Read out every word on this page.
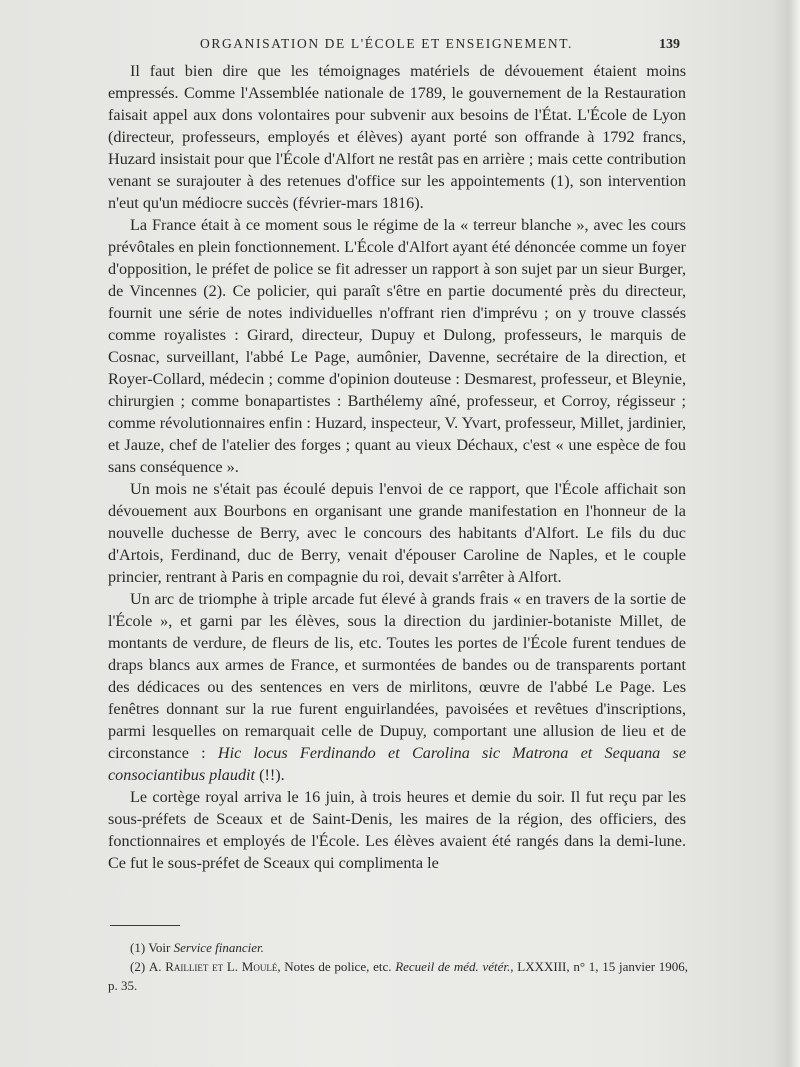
ORGANISATION DE L'ÉCOLE ET ENSEIGNEMENT.	139

Il faut bien dire que les témoignages matériels de dévouement étaient moins empressés. Comme l'Assemblée nationale de 1789, le gouvernement de la Restauration faisait appel aux dons volontaires pour subvenir aux besoins de l'État. L'École de Lyon (directeur, professeurs, employés et élèves) ayant porté son offrande à 1792 francs, Huzard insistait pour que l'École d'Alfort ne restât pas en arrière ; mais cette contribution venant se surajouter à des retenues d'office sur les appointements (1), son intervention n'eut qu'un médiocre succès (février-mars 1816).

La France était à ce moment sous le régime de la « terreur blanche », avec les cours prévôtales en plein fonctionnement. L'École d'Alfort ayant été dénoncée comme un foyer d'opposition, le préfet de police se fit adresser un rapport à son sujet par un sieur Burger, de Vincennes (2). Ce policier, qui paraît s'être en partie documenté près du directeur, fournit une série de notes individuelles n'offrant rien d'imprévu ; on y trouve classés comme royalistes : Girard, directeur, Dupuy et Dulong, professeurs, le marquis de Cosnac, surveillant, l'abbé Le Page, aumônier, Davenne, secrétaire de la direction, et Royer-Collard, médecin ; comme d'opinion douteuse : Desmarest, professeur, et Bleynie, chirurgien ; comme bonapartistes : Barthélemy aîné, professeur, et Corroy, régisseur ; comme révolutionnaires enfin : Huzard, inspecteur, V. Yvart, professeur, Millet, jardinier, et Jauze, chef de l'atelier des forges ; quant au vieux Déchaux, c'est « une espèce de fou sans conséquence ».

Un mois ne s'était pas écoulé depuis l'envoi de ce rapport, que l'École affichait son dévouement aux Bourbons en organisant une grande manifestation en l'honneur de la nouvelle duchesse de Berry, avec le concours des habitants d'Alfort. Le fils du duc d'Artois, Ferdinand, duc de Berry, venait d'épouser Caroline de Naples, et le couple princier, rentrant à Paris en compagnie du roi, devait s'arrêter à Alfort.

Un arc de triomphe à triple arcade fut élevé à grands frais « en travers de la sortie de l'École », et garni par les élèves, sous la direction du jardinier-botaniste Millet, de montants de verdure, de fleurs de lis, etc. Toutes les portes de l'École furent tendues de draps blancs aux armes de France, et surmontées de bandes ou de transparents portant des dédicaces ou des sentences en vers de mirlitons, œuvre de l'abbé Le Page. Les fenêtres donnant sur la rue furent enguirlandées, pavoisées et revêtues d'inscriptions, parmi lesquelles on remarquait celle de Dupuy, comportant une allusion de lieu et de circonstance : Hic locus Ferdinando et Carolina sic Matrona et Sequana se consociantibus plaudit (!!).

Le cortège royal arriva le 16 juin, à trois heures et demie du soir. Il fut reçu par les sous-préfets de Sceaux et de Saint-Denis, les maires de la région, des officiers, des fonctionnaires et employés de l'École. Les élèves avaient été rangés dans la demi-lune. Ce fut le sous-préfet de Sceaux qui complimenta le

(1) Voir Service financier.

(2) A. Railliet et L. Moulé, Notes de police, etc. Recueil de méd. vétér., LXXXIII, n° 1, 15 janvier 1906, p. 35.
